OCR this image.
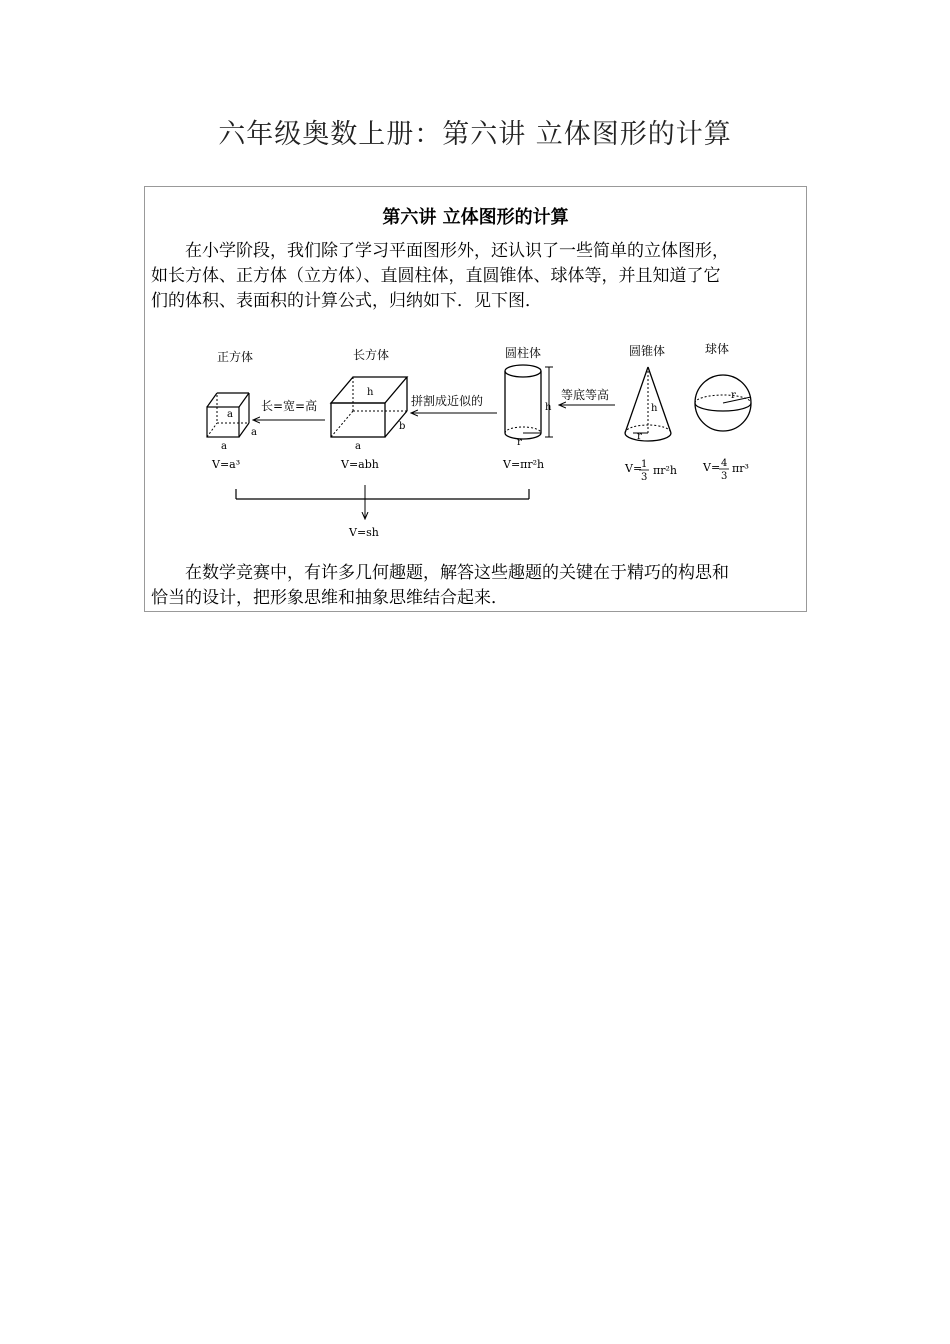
六年级奥数上册：第六讲 立体图形的计算
第六讲 立体图形的计算
在小学阶段，我们除了学习平面图形外，还认识了一些简单的立体图形，
如长方体、正方体（立方体）、直圆柱体，直圆锥体、球体等，并且知道了它
们的体积、表面积的计算公式，归纳如下．见下图．
正方体
a
a
a
V=a³
长=宽=高
长方体
h
b
a
V=abh
拼割成近似的
圆柱体
h
r
V=πr²h
等底等高
圆锥体
h
r
V=
1
3
πr²h
球体
r
V= 4
3
πr³
V=sh
在数学竞赛中，有许多几何趣题，解答这些趣题的关键在于精巧的构思和
恰当的设计，把形象思维和抽象思维结合起来．
